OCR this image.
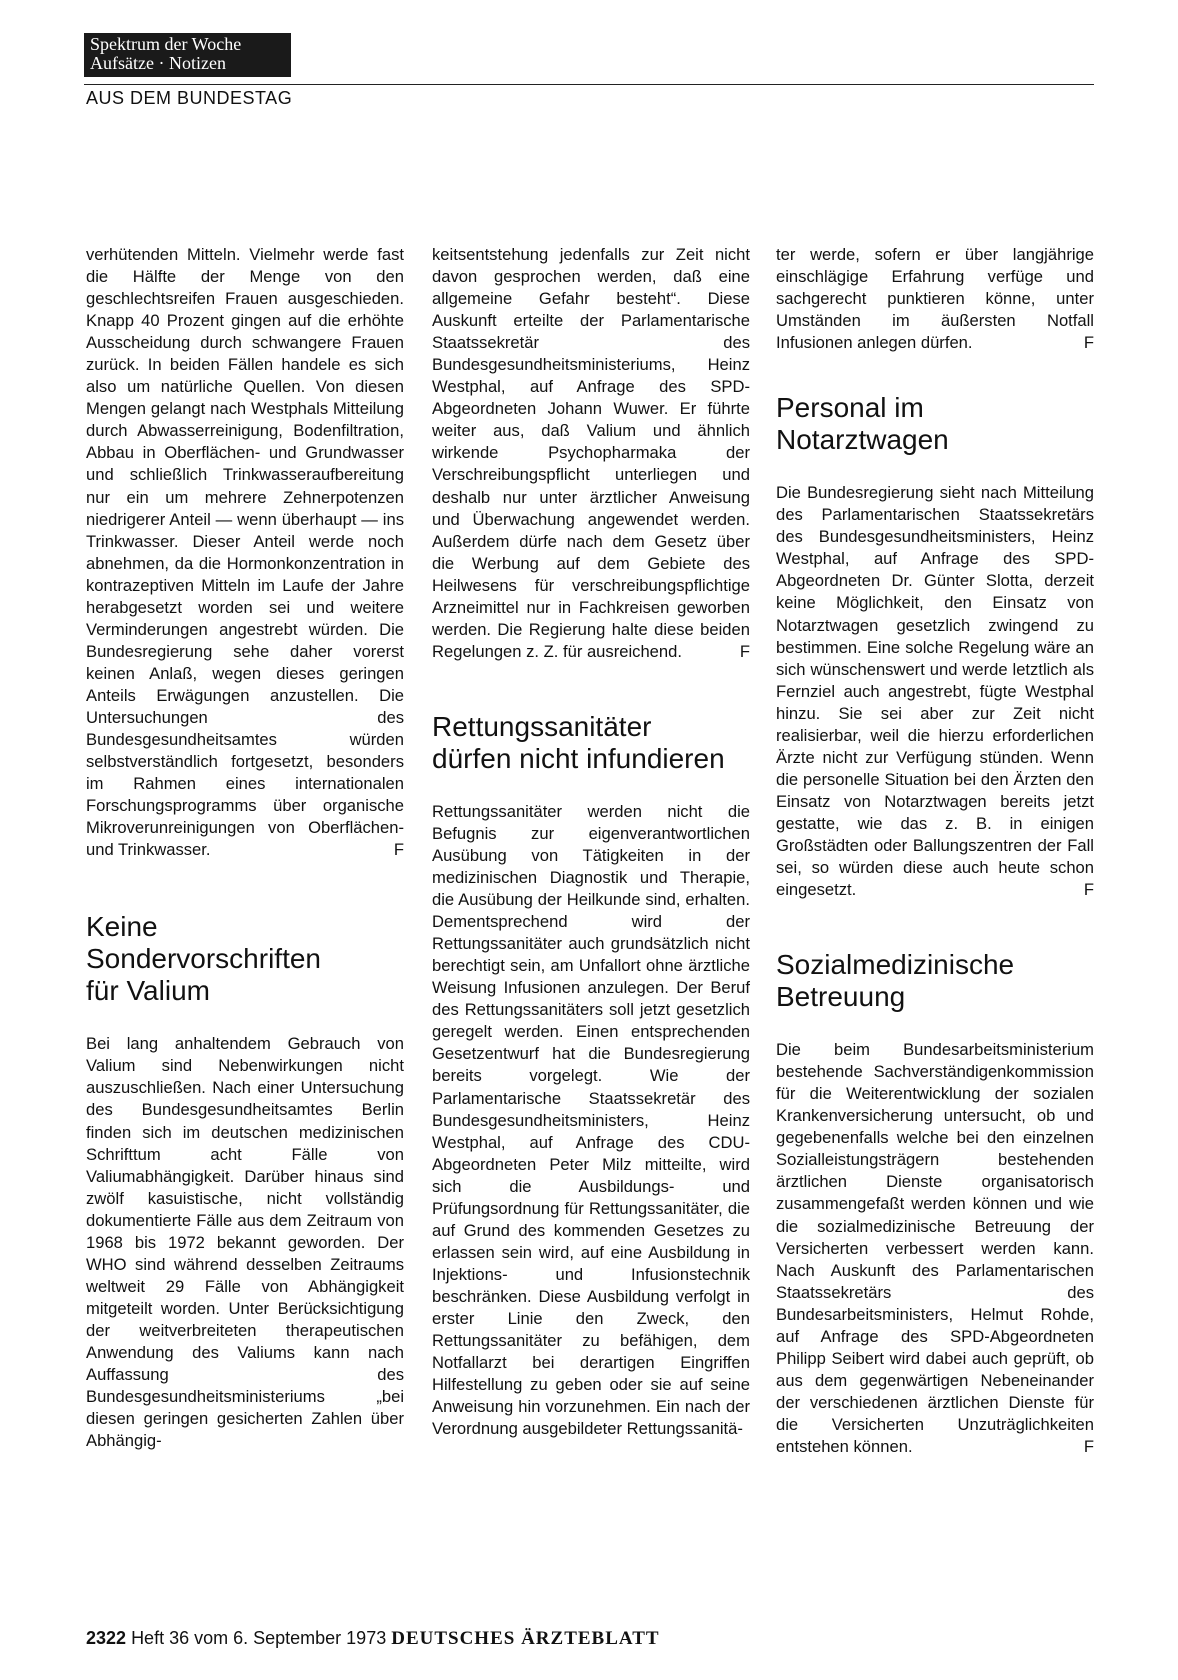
Spektrum der Woche
Aufsätze · Notizen
AUS DEM BUNDESTAG

verhütenden Mitteln. Vielmehr werde fast die Hälfte der Menge von den geschlechtsreifen Frauen ausgeschieden. Knapp 40 Prozent gingen auf die erhöhte Ausscheidung durch schwangere Frauen zurück. In beiden Fällen handele es sich also um natürliche Quellen. Von diesen Mengen gelangt nach Westphals Mitteilung durch Abwasserreinigung, Bodenfiltration, Abbau in Oberflächen- und Grundwasser und schließlich Trinkwasseraufbereitung nur ein um mehrere Zehnerpotenzen niedrigerer Anteil — wenn überhaupt — ins Trinkwasser. Dieser Anteil werde noch abnehmen, da die Hormonkonzentration in kontrazeptiven Mitteln im Laufe der Jahre herabgesetzt worden sei und weitere Verminderungen angestrebt würden. Die Bundesregierung sehe daher vorerst keinen Anlaß, wegen dieses geringen Anteils Erwägungen anzustellen. Die Untersuchungen des Bundesgesundheitsamtes würden selbstverständlich fortgesetzt, besonders im Rahmen eines internationalen Forschungsprogramms über organische Mikroverunreinigungen von Oberflächen- und Trinkwasser.	F

Keine
Sondervorschriften
für Valium

Bei lang anhaltendem Gebrauch von Valium sind Nebenwirkungen nicht auszuschließen. Nach einer Untersuchung des Bundesgesundheitsamtes Berlin finden sich im deutschen medizinischen Schrifttum acht Fälle von Valiumabhängigkeit. Darüber hinaus sind zwölf kasuistische, nicht vollständig dokumentierte Fälle aus dem Zeitraum von 1968 bis 1972 bekannt geworden. Der WHO sind während desselben Zeitraums weltweit 29 Fälle von Abhängigkeit mitgeteilt worden. Unter Berücksichtigung der weitverbreiteten therapeutischen Anwendung des Valiums kann nach Auffassung des Bundesgesundheitsministeriums „bei diesen geringen gesicherten Zahlen über Abhängig-

keitsentstehung jedenfalls zur Zeit nicht davon gesprochen werden, daß eine allgemeine Gefahr besteht“. Diese Auskunft erteilte der Parlamentarische Staatssekretär des Bundesgesundheitsministeriums, Heinz Westphal, auf Anfrage des SPD-Abgeordneten Johann Wuwer. Er führte weiter aus, daß Valium und ähnlich wirkende Psychopharmaka der Verschreibungspflicht unterliegen und deshalb nur unter ärztlicher Anweisung und Überwachung angewendet werden. Außerdem dürfe nach dem Gesetz über die Werbung auf dem Gebiete des Heilwesens für verschreibungspflichtige Arzneimittel nur in Fachkreisen geworben werden. Die Regierung halte diese beiden Regelungen z. Z. für ausreichend.	F

Rettungssanitäter
dürfen nicht infundieren

Rettungssanitäter werden nicht die Befugnis zur eigenverantwortlichen Ausübung von Tätigkeiten in der medizinischen Diagnostik und Therapie, die Ausübung der Heilkunde sind, erhalten. Dementsprechend wird der Rettungssanitäter auch grundsätzlich nicht berechtigt sein, am Unfallort ohne ärztliche Weisung Infusionen anzulegen. Der Beruf des Rettungssanitäters soll jetzt gesetzlich geregelt werden. Einen entsprechenden Gesetzentwurf hat die Bundesregierung bereits vorgelegt. Wie der Parlamentarische Staatssekretär des Bundesgesundheitsministers, Heinz Westphal, auf Anfrage des CDU-Abgeordneten Peter Milz mitteilte, wird sich die Ausbildungs- und Prüfungsordnung für Rettungssanitäter, die auf Grund des kommenden Gesetzes zu erlassen sein wird, auf eine Ausbildung in Injektions- und Infusionstechnik beschränken. Diese Ausbildung verfolgt in erster Linie den Zweck, den Rettungssanitäter zu befähigen, dem Notfallarzt bei derartigen Eingriffen Hilfestellung zu geben oder sie auf seine Anweisung hin vorzunehmen. Ein nach der Verordnung ausgebildeter Rettungssanitä-

ter werde, sofern er über langjährige einschlägige Erfahrung verfüge und sachgerecht punktieren könne, unter Umständen im äußersten Notfall Infusionen anlegen dürfen.	F

Personal im
Notarztwagen

Die Bundesregierung sieht nach Mitteilung des Parlamentarischen Staatssekretärs des Bundesgesundheitsministers, Heinz Westphal, auf Anfrage des SPD-Abgeordneten Dr. Günter Slotta, derzeit keine Möglichkeit, den Einsatz von Notarztwagen gesetzlich zwingend zu bestimmen. Eine solche Regelung wäre an sich wünschenswert und werde letztlich als Fernziel auch angestrebt, fügte Westphal hinzu. Sie sei aber zur Zeit nicht realisierbar, weil die hierzu erforderlichen Ärzte nicht zur Verfügung stünden. Wenn die personelle Situation bei den Ärzten den Einsatz von Notarztwagen bereits jetzt gestatte, wie das z. B. in einigen Großstädten oder Ballungszentren der Fall sei, so würden diese auch heute schon eingesetzt.	F

Sozialmedizinische
Betreuung

Die beim Bundesarbeitsministerium bestehende Sachverständigenkommission für die Weiterentwicklung der sozialen Krankenversicherung untersucht, ob und gegebenenfalls welche bei den einzelnen Sozialleistungsträgern bestehenden ärztlichen Dienste organisatorisch zusammengefaßt werden können und wie die sozialmedizinische Betreuung der Versicherten verbessert werden kann. Nach Auskunft des Parlamentarischen Staatssekretärs des Bundesarbeitsministers, Helmut Rohde, auf Anfrage des SPD-Abgeordneten Philipp Seibert wird dabei auch geprüft, ob aus dem gegenwärtigen Nebeneinander der verschiedenen ärztlichen Dienste für die Versicherten Unzuträglichkeiten entstehen können.	F

2322 Heft 36 vom 6. September 1973 DEUTSCHES ÄRZTEBLATT
